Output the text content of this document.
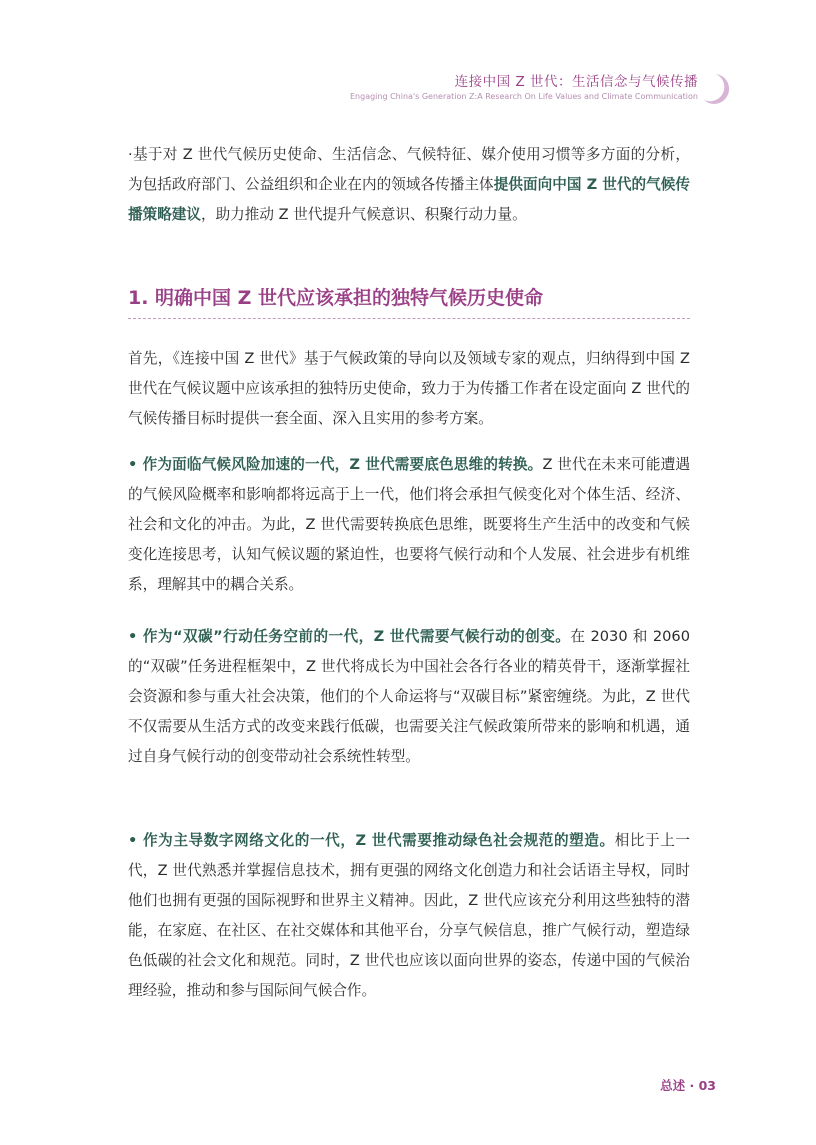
连接中国 Z 世代：生活信念与气候传播
Engaging China's Generation Z:A Research On Life Values and Climate Communication

·基于对 Z 世代气候历史使命、生活信念、气候特征、媒介使用习惯等多方面的分析，为包括政府部门、公益组织和企业在内的领域各传播主体提供面向中国 Z 世代的气候传播策略建议，助力推动 Z 世代提升气候意识、积聚行动力量。

1. 明确中国 Z 世代应该承担的独特气候历史使命

首先，《连接中国 Z 世代》基于气候政策的导向以及领域专家的观点，归纳得到中国 Z 世代在气候议题中应该承担的独特历史使命，致力于为传播工作者在设定面向 Z 世代的气候传播目标时提供一套全面、深入且实用的参考方案。

• 作为面临气候风险加速的一代，Z 世代需要底色思维的转换。Z 世代在未来可能遭遇的气候风险概率和影响都将远高于上一代，他们将会承担气候变化对个体生活、经济、社会和文化的冲击。为此，Z 世代需要转换底色思维，既要将生产生活中的改变和气候变化连接思考，认知气候议题的紧迫性，也要将气候行动和个人发展、社会进步有机维系，理解其中的耦合关系。

• 作为“双碳”行动任务空前的一代，Z 世代需要气候行动的创变。在 2030 和 2060 的“双碳”任务进程框架中，Z 世代将成长为中国社会各行各业的精英骨干，逐渐掌握社会资源和参与重大社会决策，他们的个人命运将与“双碳目标”紧密缠绕。为此，Z 世代不仅需要从生活方式的改变来践行低碳，也需要关注气候政策所带来的影响和机遇，通过自身气候行动的创变带动社会系统性转型。

• 作为主导数字网络文化的一代，Z 世代需要推动绿色社会规范的塑造。相比于上一代，Z 世代熟悉并掌握信息技术，拥有更强的网络文化创造力和社会话语主导权，同时他们也拥有更强的国际视野和世界主义精神。因此，Z 世代应该充分利用这些独特的潜能，在家庭、在社区、在社交媒体和其他平台，分享气候信息，推广气候行动，塑造绿色低碳的社会文化和规范。同时，Z 世代也应该以面向世界的姿态，传递中国的气候治理经验，推动和参与国际间气候合作。

总述 · 03
